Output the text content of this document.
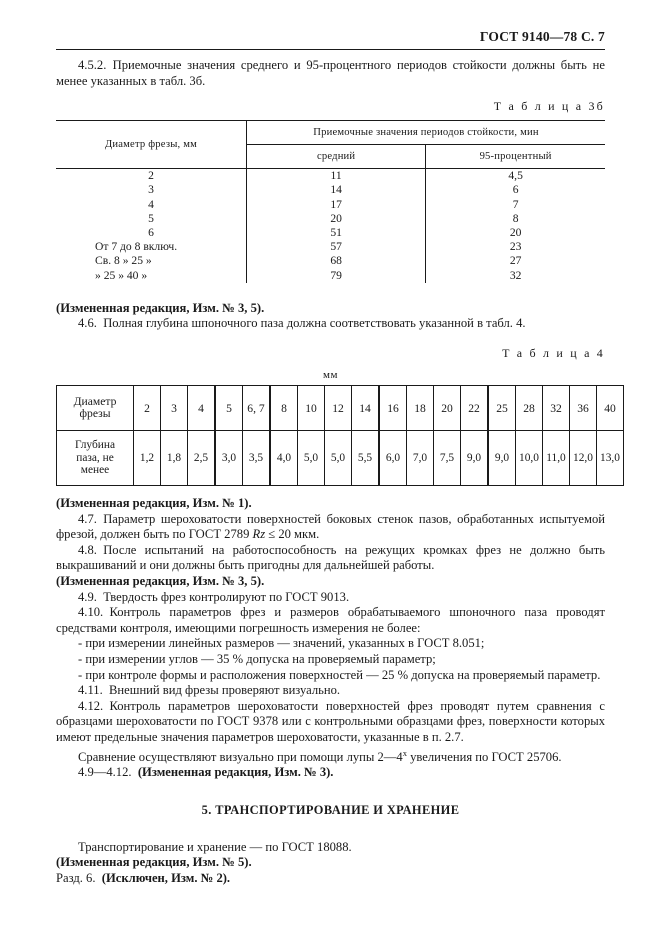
ГОСТ 9140—78 С. 7

4.5.2. Приемочные значения среднего и 95-процентного периодов стойкости должны быть не менее указанных в табл. 3б.

Т а б л и ц а 3б

Диаметр фрезы, мм	Приемочные значения периодов стойкости, мин	
	средний	95-процентный
2	11	4,5
3	14	6
4	17	7
5	20	8
6	51	20
От 7 до 8 включ.	57	23
Св. 8 » 25 »	68	27
» 25 » 40 »	79	32

(Измененная редакция, Изм. № 3, 5).

4.6. Полная глубина шпоночного паза должна соответствовать указанной в табл. 4.

Т а б л и ц а 4

мм

Диаметр
фрезы	2	3	4	5	6, 7	8	10	12	14	16	18	20	22	25	28	32	36	40
Глубина
паза, не
менее	1,2	1,8	2,5	3,0	3,5	4,0	5,0	5,0	5,5	6,0	7,0	7,5	9,0	9,0	10,0	11,0	12,0	13,0

(Измененная редакция, Изм. № 1).

4.7. Параметр шероховатости поверхностей боковых стенок пазов, обработанных испытуемой фрезой, должен быть по ГОСТ 2789 Rz ≤ 20 мкм.

4.8. После испытаний на работоспособность на режущих кромках фрез не должно быть выкрашиваний и они должны быть пригодны для дальнейшей работы.

(Измененная редакция, Изм. № 3, 5).

4.9. Твердость фрез контролируют по ГОСТ 9013.

4.10. Контроль параметров фрез и размеров обрабатываемого шпоночного паза проводят средствами контроля, имеющими погрешность измерения не более:

- при измерении линейных размеров — значений, указанных в ГОСТ 8.051;

- при измерении углов — 35 % допуска на проверяемый параметр;

- при контроле формы и расположения поверхностей — 25 % допуска на проверяемый параметр.

4.11. Внешний вид фрезы проверяют визуально.

4.12. Контроль параметров шероховатости поверхностей фрез проводят путем сравнения с образцами шероховатости по ГОСТ 9378 или с контрольными образцами фрез, поверхности которых имеют предельные значения параметров шероховатости, указанные в п. 2.7.

Сравнение осуществляют визуально при помощи лупы 2—4$^x$ увеличения по ГОСТ 25706.

4.9—4.12. (Измененная редакция, Изм. № 3).

5. ТРАНСПОРТИРОВАНИЕ И ХРАНЕНИЕ

Транспортирование и хранение — по ГОСТ 18088.

(Измененная редакция, Изм. № 5).

Разд. 6. (Исключен, Изм. № 2).
